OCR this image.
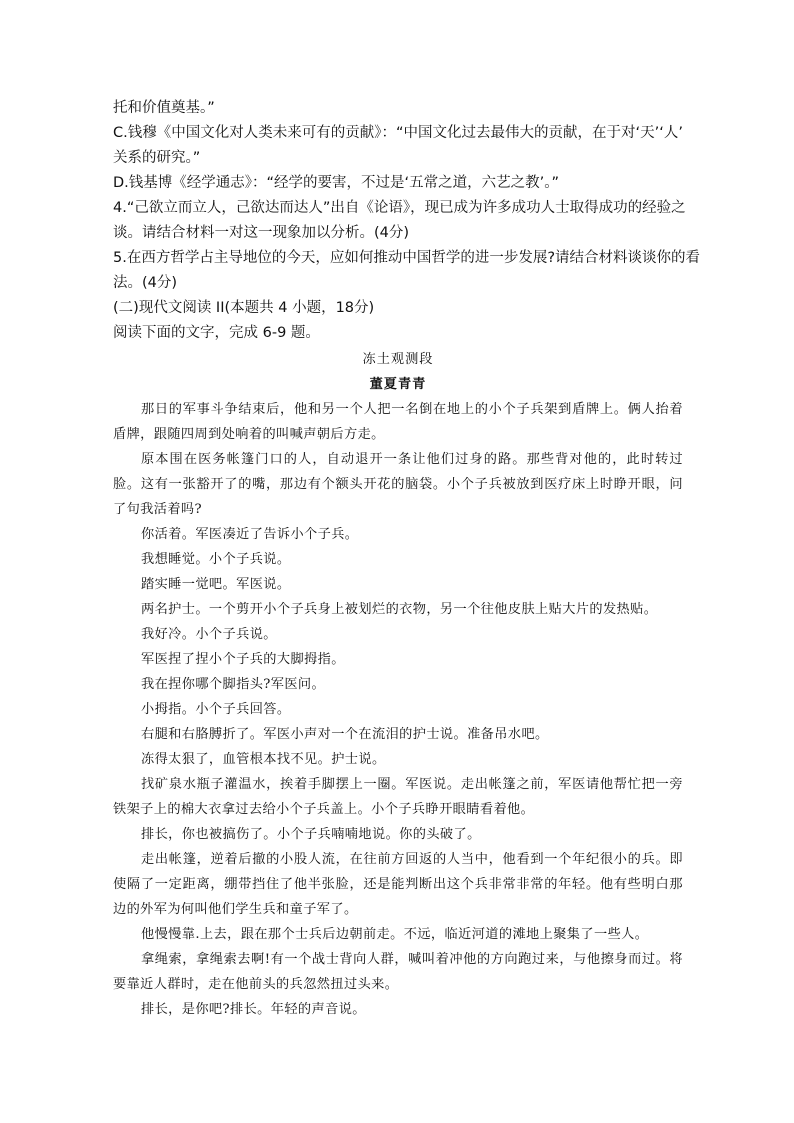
托和价值奠基。”

C.钱穆《中国文化对人类未来可有的贡献》：“中国文化过去最伟大的贡献，在于对‘天’‘人’

关系的研究。”

D.钱基博《经学通志》：“经学的要害，不过是‘五常之道，六艺之教’。”

4.“己欲立而立人，己欲达而达人”出自《论语》，现已成为许多成功人士取得成功的经验之

谈。请结合材料一对这一现象加以分析。(4分)

5.在西方哲学占主导地位的今天，应如何推动中国哲学的进一步发展?请结合材料谈谈你的看

法。(4分)

(二)现代文阅读 II(本题共 4 小题，18分)

阅读下面的文字，完成 6-9 题。

冻土观测段

董夏青青

那日的军事斗争结束后，他和另一个人把一名倒在地上的小个子兵架到盾牌上。俩人抬着盾牌，跟随四周到处响着的叫喊声朝后方走。

原本围在医务帐篷门口的人，自动退开一条让他们过身的路。那些背对他的，此时转过脸。这有一张豁开了的嘴，那边有个额头开花的脑袋。小个子兵被放到医疗床上时睁开眼，问了句我活着吗?

你活着。军医凑近了告诉小个子兵。

我想睡觉。小个子兵说。

踏实睡一觉吧。军医说。

两名护士。一个剪开小个子兵身上被划烂的衣物，另一个往他皮肤上贴大片的发热贴。

我好冷。小个子兵说。

军医捏了捏小个子兵的大脚拇指。

我在捏你哪个脚指头?军医问。

小拇指。小个子兵回答。

右腿和右胳膊折了。军医小声对一个在流泪的护士说。准备吊水吧。

冻得太狠了，血管根本找不见。护士说。

找矿泉水瓶子灌温水，挨着手脚摆上一圈。军医说。走出帐篷之前，军医请他帮忙把一旁铁架子上的棉大衣拿过去给小个子兵盖上。小个子兵睁开眼睛看着他。

排长，你也被搞伤了。小个子兵喃喃地说。你的头破了。

走出帐篷，逆着后撤的小股人流，在往前方回返的人当中，他看到一个年纪很小的兵。即使隔了一定距离，绷带挡住了他半张脸，还是能判断出这个兵非常非常的年轻。他有些明白那边的外军为何叫他们学生兵和童子军了。

他慢慢靠.上去，跟在那个士兵后边朝前走。不远，临近河道的滩地上聚集了一些人。

拿绳索，拿绳索去啊!有一个战士背向人群，喊叫着冲他的方向跑过来，与他擦身而过。将要靠近人群时，走在他前头的兵忽然扭过头来。

排长，是你吧?排长。年轻的声音说。
